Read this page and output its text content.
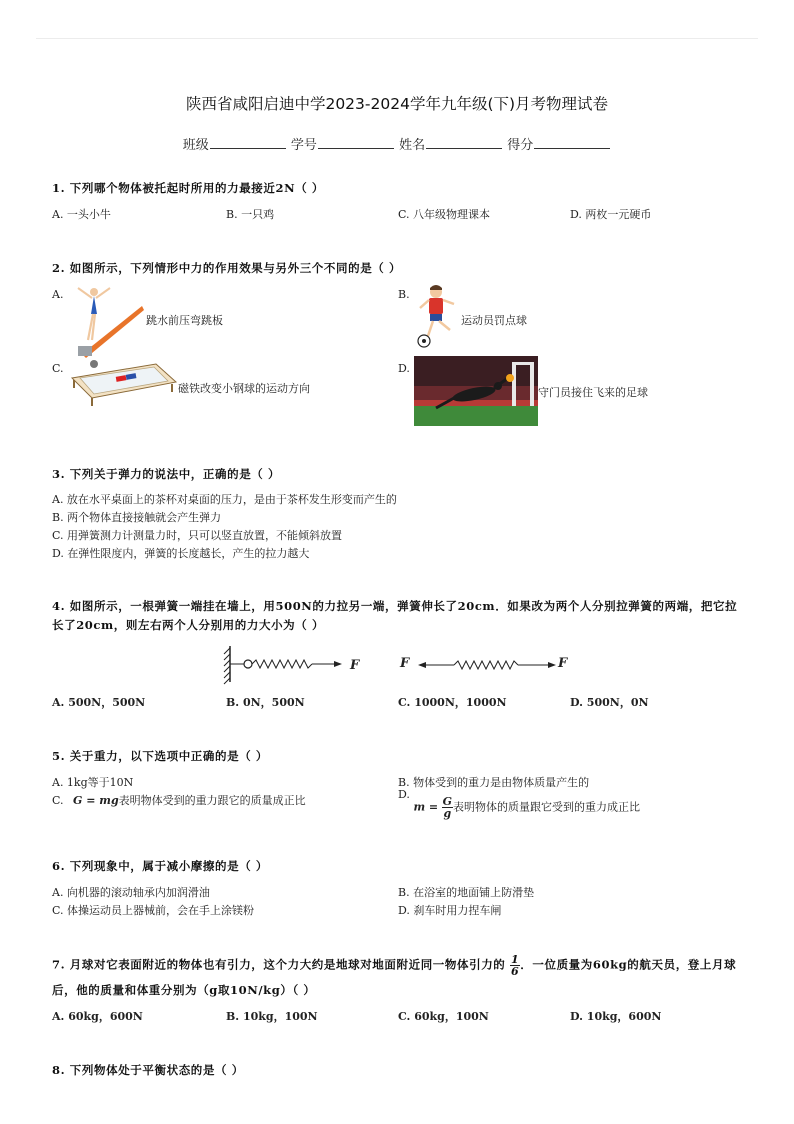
陕西省咸阳启迪中学2023-2024学年九年级(下)月考物理试卷
班级	学号	姓名	得分
1. 下列哪个物体被托起时所用的力最接近2N（ ）
A. 一头小牛	B. 一只鸡	C. 八年级物理课本	D. 两枚一元硬币
2. 如图所示，下列情形中力的作用效果与另外三个不同的是（ ）
A.
跳水前压弯跳板
B.
运动员罚点球
C.
磁铁改变小钢球的运动方向
D.
守门员接住飞来的足球
3. 下列关于弹力的说法中，正确的是（ ）
A. 放在水平桌面上的茶杯对桌面的压力，是由于茶杯发生形变而产生的
B. 两个物体直接接触就会产生弹力
C. 用弹簧测力计测量力时，只可以竖直放置，不能倾斜放置
D. 在弹性限度内，弹簧的长度越长，产生的拉力越大
4. 如图所示，一根弹簧一端挂在墙上，用500N的力拉另一端，弹簧伸长了20cm．如果改为两个人分别拉弹簧的两端，把它拉
长了20cm，则左右两个人分别用的力大小为（ ）
F	F	F
A. 500N，500N	B. 0N，500N	C. 1000N，1000N	D. 500N，0N
5. 关于重力，以下选项中正确的是（ ）
A. 1kg等于10N	B. 物体受到的重力是由物体质量产生的
C. G = mg表明物体受到的重力跟它的质量成正比	D. $m = \frac{G}{g}$ 表明物体的质量跟它受到的重力成正比
6. 下列现象中，属于减小摩擦的是（ ）
A. 向机器的滚动轴承内加润滑油	B. 在浴室的地面铺上防滑垫
C. 体操运动员上器械前，会在手上涂镁粉	D. 刹车时用力捏车闸
7. 月球对它表面附近的物体也有引力，这个力大约是地球对地面附近同一物体引力的 $\frac{1}{6}$ ．一位质量为60kg的航天员，登上月球
后，他的质量和体重分别为（g取10N/kg）（ ）
A. 60kg，600N	B. 10kg，100N	C. 60kg，100N	D. 10kg，600N
8. 下列物体处于平衡状态的是（ ）
